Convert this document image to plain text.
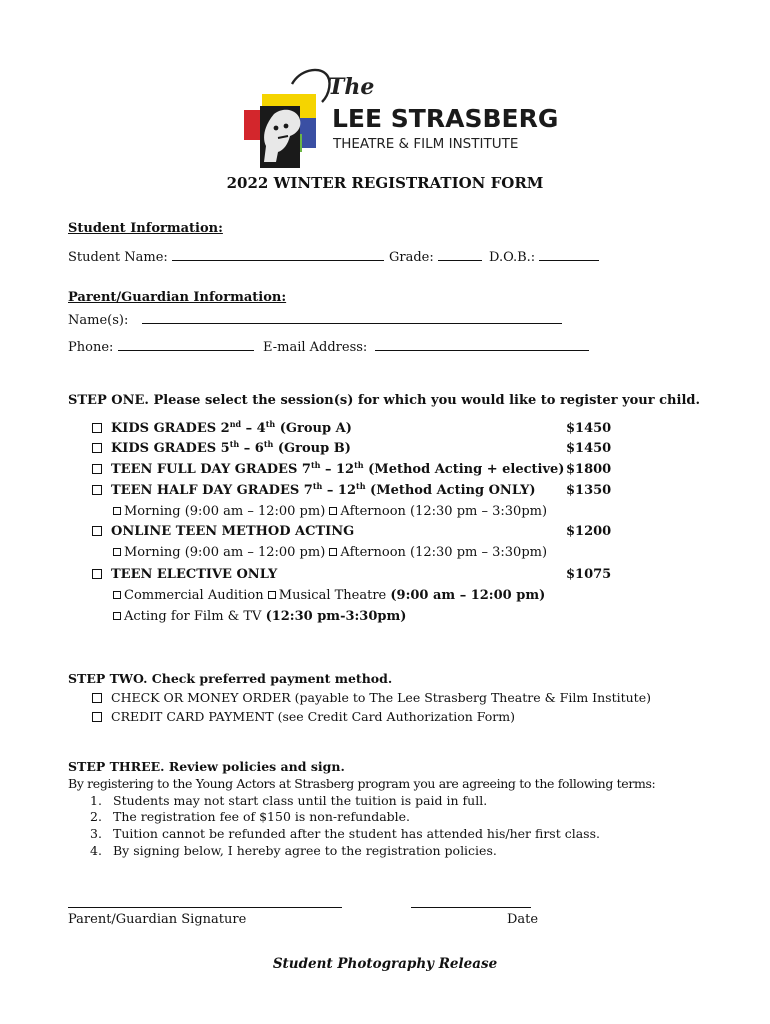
The
LEE STRASBERG
THEATRE & FILM INSTITUTE
2022 WINTER REGISTRATION FORM
Student Information:
Student Name:	Grade:	D.O.B.:
Parent/Guardian Information:
Name(s):
Phone:	E-mail Address:
STEP ONE. Please select the session(s) for which you would like to register your child.
KIDS GRADES 2nd – 4th (Group A)	$1450
KIDS GRADES 5th – 6th (Group B)	$1450
TEEN FULL DAY GRADES 7th – 12th (Method Acting + elective) $1800
TEEN HALF DAY GRADES 7th – 12th (Method Acting ONLY) $1350
Morning (9:00 am – 12:00 pm) Afternoon (12:30 pm – 3:30pm)
ONLINE TEEN METHOD ACTING	$1200
Morning (9:00 am – 12:00 pm) Afternoon (12:30 pm – 3:30pm)
TEEN ELECTIVE ONLY	$1075
Commercial Audition Musical Theatre (9:00 am – 12:00 pm)
Acting for Film & TV (12:30 pm-3:30pm)
STEP TWO. Check preferred payment method.
CHECK OR MONEY ORDER (payable to The Lee Strasberg Theatre & Film Institute)
CREDIT CARD PAYMENT (see Credit Card Authorization Form)
STEP THREE. Review policies and sign.
By registering to the Young Actors at Strasberg program you are agreeing to the following terms:
1. Students may not start class until the tuition is paid in full.
2. The registration fee of $150 is non-refundable.
3. Tuition cannot be refunded after the student has attended his/her first class.
4. By signing below, I hereby agree to the registration policies.
Parent/Guardian Signature	Date
Student Photography Release
